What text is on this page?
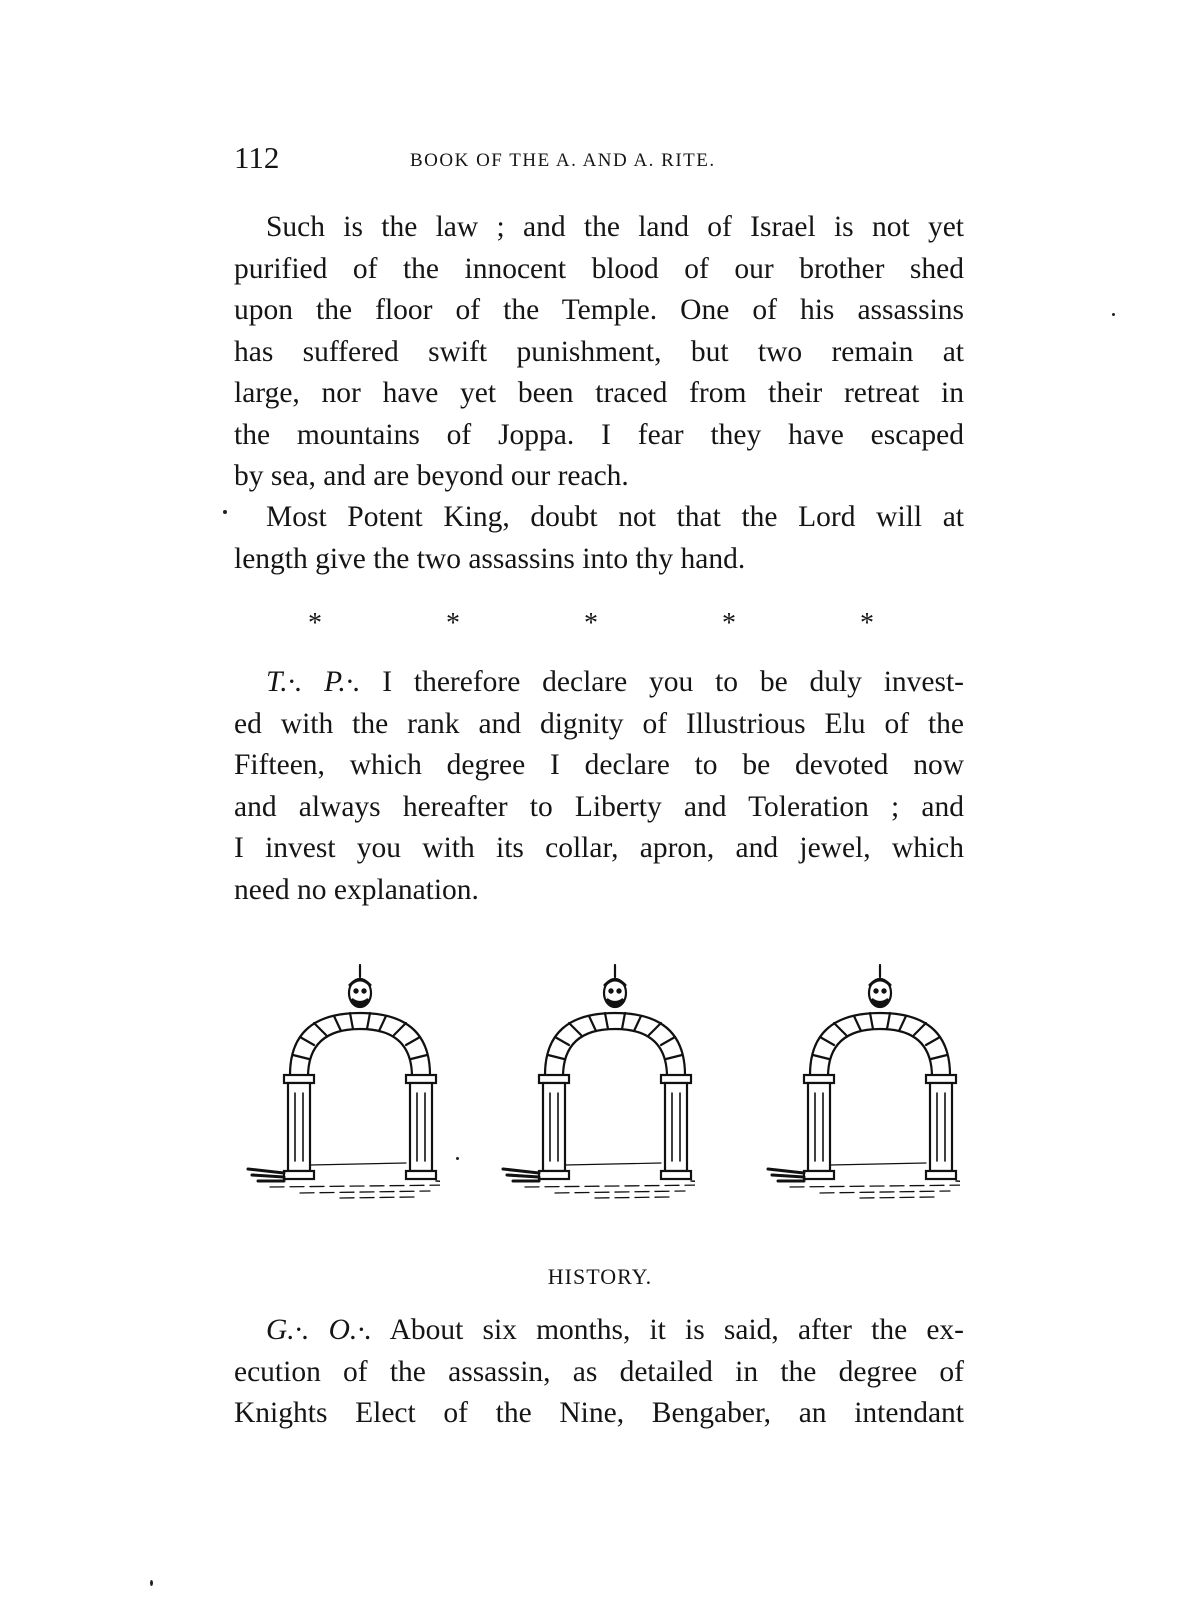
112	BOOK OF THE A. AND A. RITE.

Such is the law ; and the land of Israel is not yet
purified of the innocent blood of our brother shed
upon the floor of the Temple. One of his assassins
has suffered swift punishment, but two remain at
large, nor have yet been traced from their retreat in
the mountains of Joppa. I fear they have escaped
by sea, and are beyond our reach.

Most Potent King, doubt not that the Lord will at
length give the two assassins into thy hand.

*	*	*	*	*

T.·. P.·. I therefore declare you to be duly invest-
ed with the rank and dignity of Illustrious Elu of the
Fifteen, which degree I declare to be devoted now
and always hereafter to Liberty and Toleration ; and
I invest you with its collar, apron, and jewel, which
need no explanation.

HISTORY.

G.·. O.·. About six months, it is said, after the ex-
ecution of the assassin, as detailed in the degree of
Knights Elect of the Nine, Bengaber, an intendant
